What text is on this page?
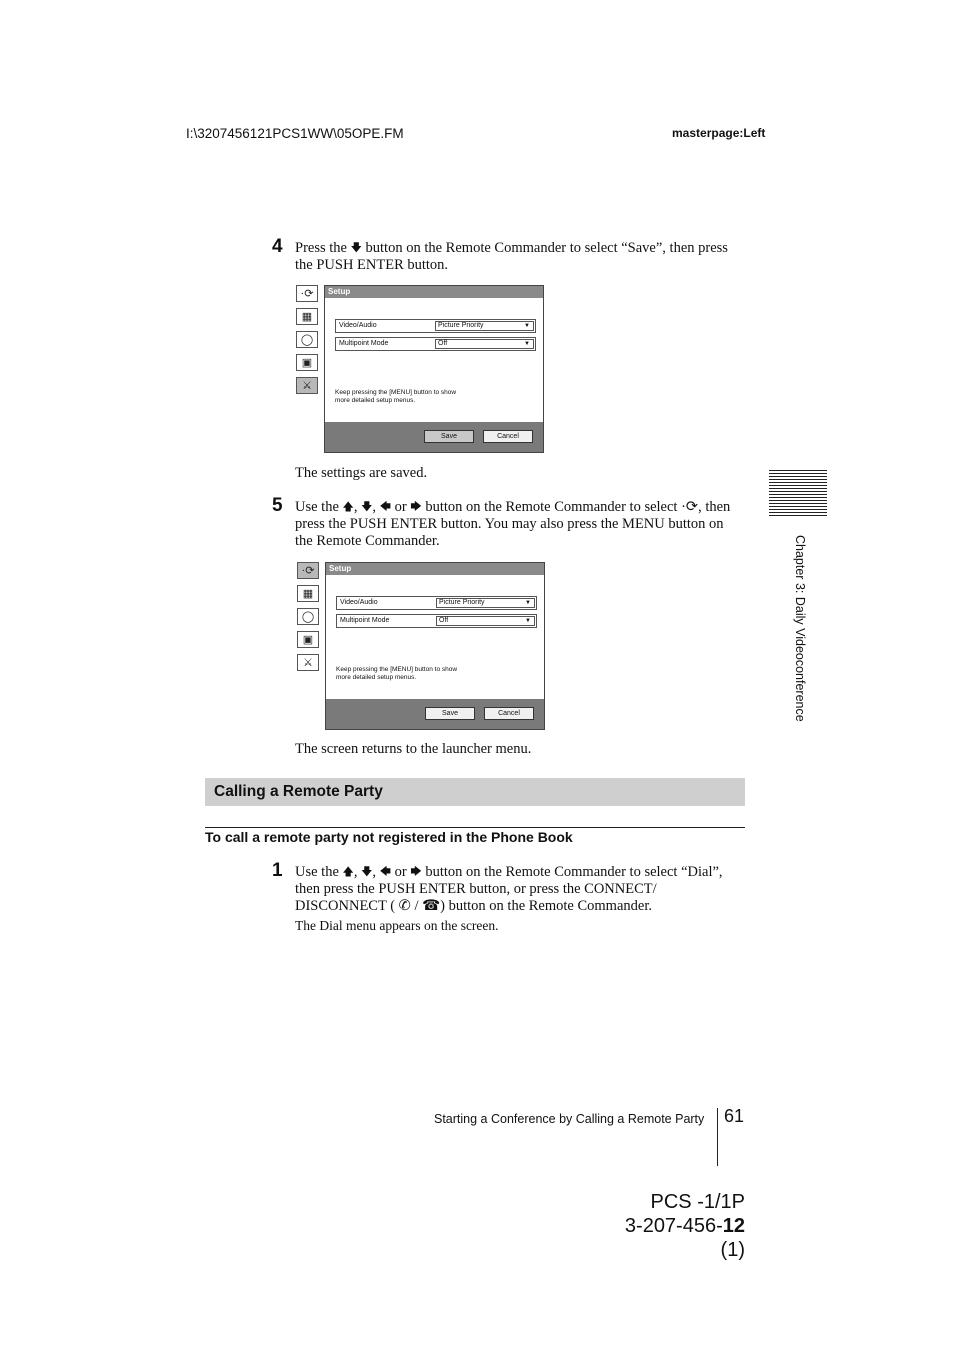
I:\3207456121PCS1WW\05OPE.FM	masterpage:Left
4 Press the 🡇 button on the Remote Commander to select “Save”, then press
the PUSH ENTER button.
·⟳
▦
◯
▣
⚔
Setup
Video/Audio	Picture Priority	▼
Multipoint Mode	Off	▼
Keep pressing the [MENU] button to show
more detailed setup menus.
Save	Cancel
The settings are saved.
5 Use the 🡅, 🡇, 🡄 or 🡆 button on the Remote Commander to select ·⟳, then
press the PUSH ENTER button. You may also press the MENU button on
the Remote Commander.
·⟳
▦
◯
▣
⚔
Setup
Video/Audio	Picture Priority	▼
Multipoint Mode	Off	▼
Keep pressing the [MENU] button to show
more detailed setup menus.
Save	Cancel
The screen returns to the launcher menu.
Calling a Remote Party
To call a remote party not registered in the Phone Book
1 Use the 🡅, 🡇, 🡄 or 🡆 button on the Remote Commander to select “Dial”,
then press the PUSH ENTER button, or press the CONNECT/
DISCONNECT ( ✆ / ☎) button on the Remote Commander.
The Dial menu appears on the screen.
Chapter 3: Daily Videoconference
Starting a Conference by Calling a Remote Party 61
PCS -1/1P
3-207-456-12 (1)
